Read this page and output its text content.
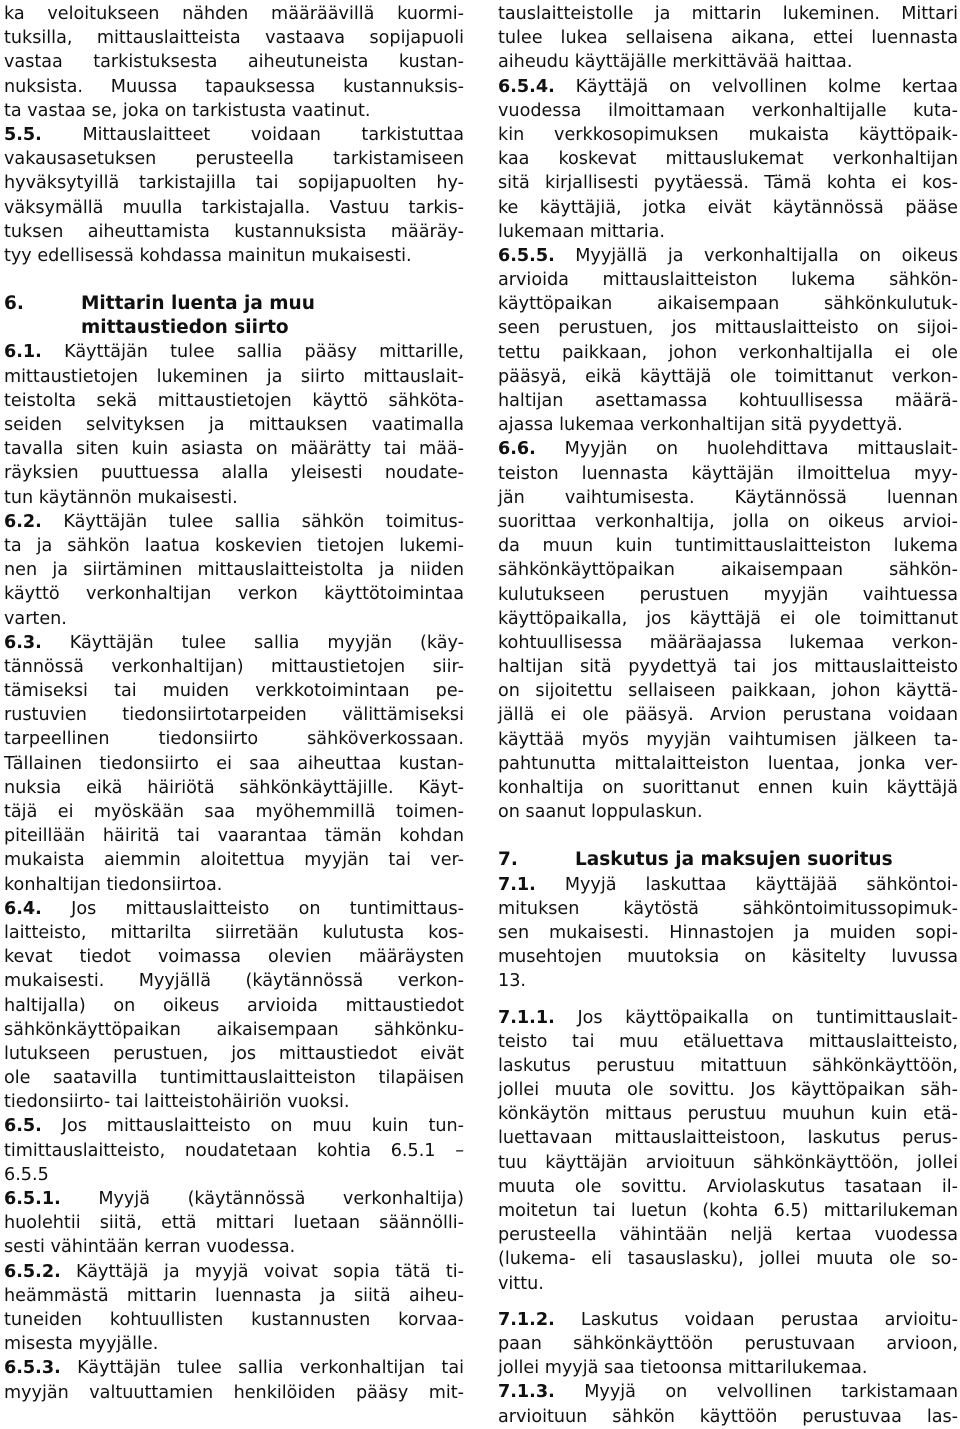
ka veloitukseen nähden määräävillä kuormi-
tuksilla, mittauslaitteista vastaava sopijapuoli
vastaa tarkistuksesta aiheutuneista kustan-
nuksista. Muussa tapauksessa kustannuksis-
ta vastaa se, joka on tarkistusta vaatinut.
5.5. Mittauslaitteet voidaan tarkistuttaa
vakausasetuksen perusteella tarkistamiseen
hyväksytyillä tarkistajilla tai sopijapuolten hy-
väksymällä muulla tarkistajalla. Vastuu tarkis-
tuksen aiheuttamista kustannuksista määräy-
tyy edellisessä kohdassa mainitun mukaisesti.
6.	Mittarin luenta ja muu
mittaustiedon siirto
6.1. Käyttäjän tulee sallia pääsy mittarille,
mittaustietojen lukeminen ja siirto mittauslait-
teistolta sekä mittaustietojen käyttö sähköta-
seiden selvityksen ja mittauksen vaatimalla
tavalla siten kuin asiasta on määrätty tai mää-
räyksien puuttuessa alalla yleisesti noudate-
tun käytännön mukaisesti.
6.2. Käyttäjän tulee sallia sähkön toimitus-
ta ja sähkön laatua koskevien tietojen lukemi-
nen ja siirtäminen mittauslaitteistolta ja niiden
käyttö verkonhaltijan verkon käyttötoimintaa
varten.
6.3. Käyttäjän tulee sallia myyjän (käy-
tännössä verkonhaltijan) mittaustietojen siir-
tämiseksi tai muiden verkkotoimintaan pe-
rustuvien tiedonsiirtotarpeiden välittämiseksi
tarpeellinen tiedonsiirto sähköverkossaan.
Tällainen tiedonsiirto ei saa aiheuttaa kustan-
nuksia eikä häiriötä sähkönkäyttäjille. Käyt-
täjä ei myöskään saa myöhemmillä toimen-
piteillään häiritä tai vaarantaa tämän kohdan
mukaista aiemmin aloitettua myyjän tai ver-
konhaltijan tiedonsiirtoa.
6.4. Jos mittauslaitteisto on tuntimittaus-
laitteisto, mittarilta siirretään kulutusta kos-
kevat tiedot voimassa olevien määräysten
mukaisesti. Myyjällä (käytännössä verkon-
haltijalla) on oikeus arvioida mittaustiedot
sähkönkäyttöpaikan aikaisempaan sähkönku-
lutukseen perustuen, jos mittaustiedot eivät
ole saatavilla tuntimittauslaitteiston tilapäisen
tiedonsiirto- tai laitteistohäiriön vuoksi.
6.5. Jos mittauslaitteisto on muu kuin tun-
timittauslaitteisto, noudatetaan kohtia 6.5.1 –
6.5.5
6.5.1. Myyjä (käytännössä verkonhaltija)
huolehtii siitä, että mittari luetaan säännölli-
sesti vähintään kerran vuodessa.
6.5.2. Käyttäjä ja myyjä voivat sopia tätä ti-
heämmästä mittarin luennasta ja siitä aiheu-
tuneiden kohtuullisten kustannusten korvaa-
misesta myyjälle.
6.5.3. Käyttäjän tulee sallia verkonhaltijan tai
myyjän valtuuttamien henkilöiden pääsy mit-
tauslaitteistolle ja mittarin lukeminen. Mittari
tulee lukea sellaisena aikana, ettei luennasta
aiheudu käyttäjälle merkittävää haittaa.
6.5.4. Käyttäjä on velvollinen kolme kertaa
vuodessa ilmoittamaan verkonhaltijalle kuta-
kin verkkosopimuksen mukaista käyttöpaik-
kaa koskevat mittauslukemat verkonhaltijan
sitä kirjallisesti pyytäessä. Tämä kohta ei kos-
ke käyttäjiä, jotka eivät käytännössä pääse
lukemaan mittaria.
6.5.5. Myyjällä ja verkonhaltijalla on oikeus
arvioida mittauslaitteiston lukema sähkön-
käyttöpaikan aikaisempaan sähkönkulutuk-
seen perustuen, jos mittauslaitteisto on sijoi-
tettu paikkaan, johon verkonhaltijalla ei ole
pääsyä, eikä käyttäjä ole toimittanut verkon-
haltijan asettamassa kohtuullisessa määrä-
ajassa lukemaa verkonhaltijan sitä pyydettyä.
6.6. Myyjän on huolehdittava mittauslait-
teiston luennasta käyttäjän ilmoittelua myy-
jän vaihtumisesta. Käytännössä luennan
suorittaa verkonhaltija, jolla on oikeus arvioi-
da muun kuin tuntimittauslaitteiston lukema
sähkönkäyttöpaikan aikaisempaan sähkön-
kulutukseen perustuen myyjän vaihtuessa
käyttöpaikalla, jos käyttäjä ei ole toimittanut
kohtuullisessa määräajassa lukemaa verkon-
haltijan sitä pyydettyä tai jos mittauslaitteisto
on sijoitettu sellaiseen paikkaan, johon käyttä-
jällä ei ole pääsyä. Arvion perustana voidaan
käyttää myös myyjän vaihtumisen jälkeen ta-
pahtunutta mittalaitteiston luentaa, jonka ver-
konhaltija on suorittanut ennen kuin käyttäjä
on saanut loppulaskun.
7.	Laskutus ja maksujen suoritus
7.1. Myyjä laskuttaa käyttäjää sähköntoi-
mituksen käytöstä sähköntoimitussopimuk-
sen mukaisesti. Hinnastojen ja muiden sopi-
musehtojen muutoksia on käsitelty luvussa
13.
7.1.1. Jos käyttöpaikalla on tuntimittauslait-
teisto tai muu etäluettava mittauslaitteisto,
laskutus perustuu mitattuun sähkönkäyttöön,
jollei muuta ole sovittu. Jos käyttöpaikan säh-
könkäytön mittaus perustuu muuhun kuin etä-
luettavaan mittauslaitteistoon, laskutus perus-
tuu käyttäjän arvioituun sähkönkäyttöön, jollei
muuta ole sovittu. Arviolaskutus tasataan il-
moitetun tai luetun (kohta 6.5) mittarilukeman
perusteella vähintään neljä kertaa vuodessa
(lukema- eli tasauslasku), jollei muuta ole so-
vittu.
7.1.2. Laskutus voidaan perustaa arvioitu-
paan sähkönkäyttöön perustuvaan arvioon,
jollei myyjä saa tietoonsa mittarilukemaa.
7.1.3. Myyjä on velvollinen tarkistamaan
arvioituun sähkön käyttöön perustuvaa las-
